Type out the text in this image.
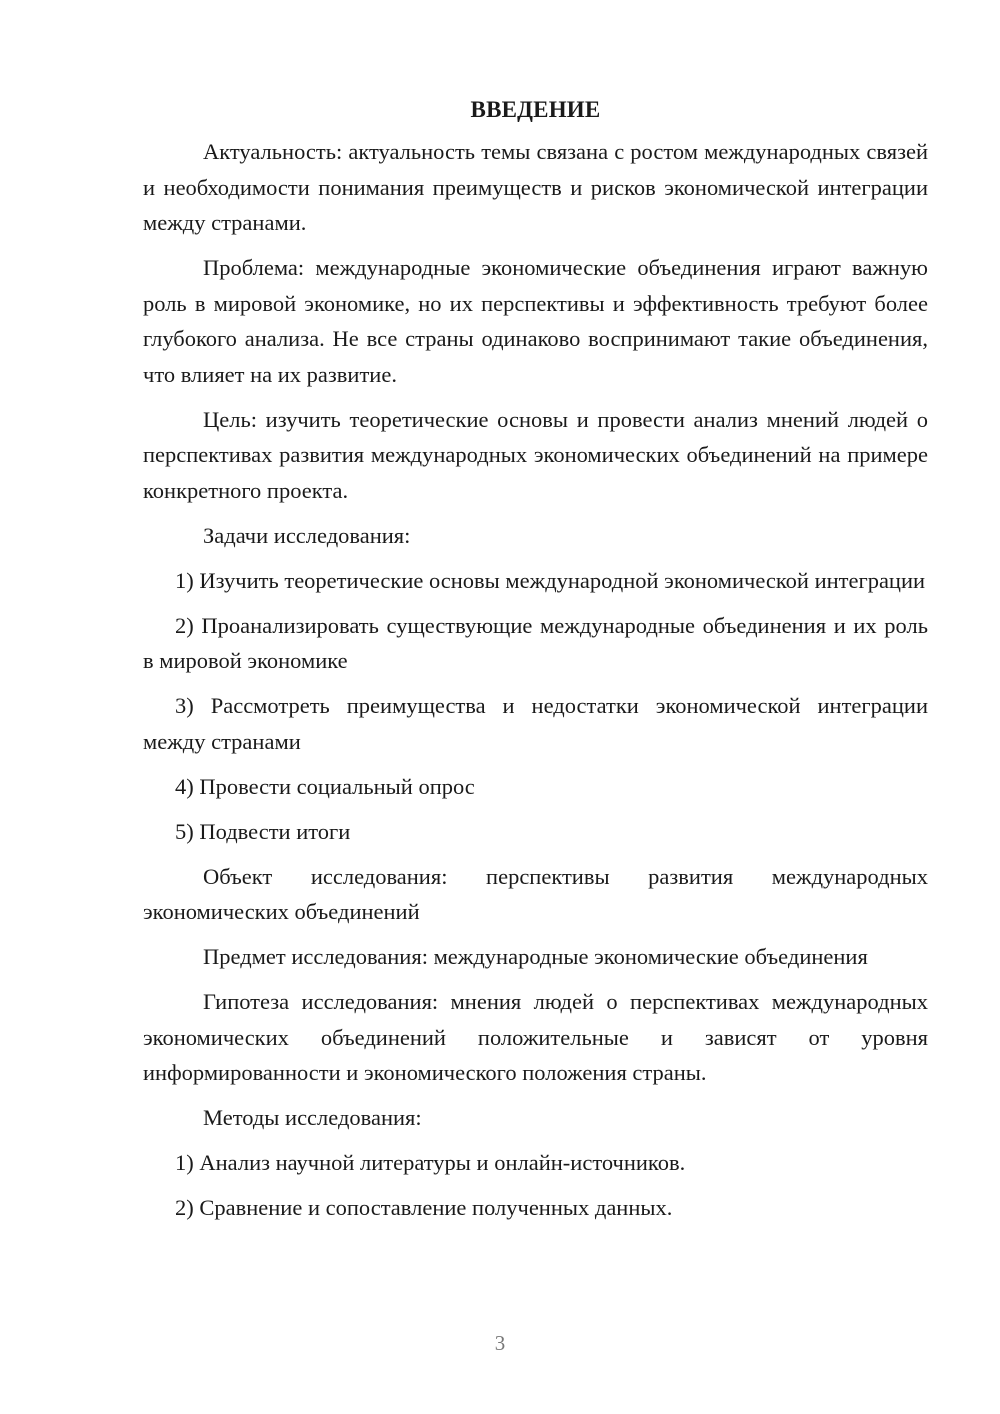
ВВЕДЕНИЕ

Актуальность: актуальность темы связана с ростом международных связей и необходимости понимания преимуществ и рисков экономической интеграции между странами.

Проблема: международные экономические объединения играют важную роль в мировой экономике, но их перспективы и эффективность требуют более глубокого анализа. Не все страны одинаково воспринимают такие объединения, что влияет на их развитие.

Цель: изучить теоретические основы и провести анализ мнений людей о перспективах развития международных экономических объединений на примере конкретного проекта.

Задачи исследования:

1) Изучить теоретические основы международной экономической интеграции

2) Проанализировать существующие международные объединения и их роль в мировой экономике

3) Рассмотреть преимущества и недостатки экономической интеграции между странами

4) Провести социальный опрос

5) Подвести итоги

Объект исследования: перспективы развития международных экономических объединений

Предмет исследования: международные экономические объединения

Гипотеза исследования: мнения людей о перспективах международных экономических объединений положительные и зависят от уровня информированности и экономического положения страны.

Методы исследования:

1) Анализ научной литературы и онлайн-источников.

2) Сравнение и сопоставление полученных данных.

3
